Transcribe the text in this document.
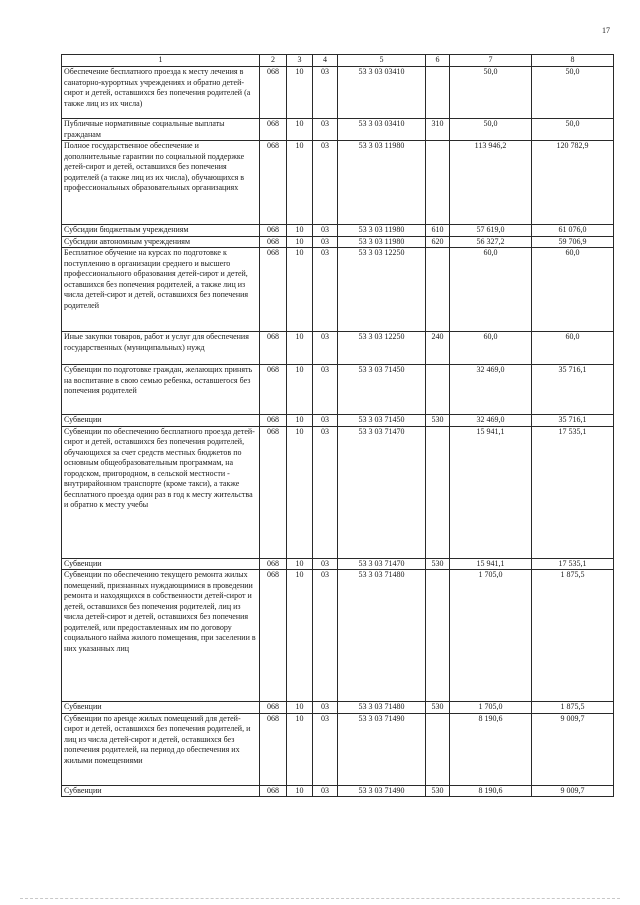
17
1	2	3	4	5	6	7	8
Обеспечение бесплатного проезда к месту лечения в санаторно-курортных учреждениях и обратно детей-сирот и детей, оставшихся без попечения родителей (а также лиц из их числа)	068	10	03	53 3 03 03410		50,0	50,0
Публичные нормативные социальные выплаты гражданам	068	10	03	53 3 03 03410	310	50,0	50,0
Полное государственное обеспечение и дополнительные гарантии по социальной поддержке детей-сирот и детей, оставшихся без попечения родителей (а также лиц из их числа), обучающихся в профессиональных образовательных организациях	068	10	03	53 3 03 11980		113 946,2	120 782,9
Субсидии бюджетным учреждениям	068	10	03	53 3 03 11980	610	57 619,0	61 076,0
Субсидии автономным учреждениям	068	10	03	53 3 03 11980	620	56 327,2	59 706,9
Бесплатное обучение на курсах по подготовке к поступлению в организации среднего и высшего профессионального образования детей-сирот и детей, оставшихся без попечения родителей, а также лиц из числа детей-сирот и детей, оставшихся без попечения родителей	068	10	03	53 3 03 12250		60,0	60,0
Иные закупки товаров, работ и услуг для обеспечения государственных (муниципальных) нужд	068	10	03	53 3 03 12250	240	60,0	60,0
Субвенции по подготовке граждан, желающих принять на воспитание в свою семью ребенка, оставшегося без попечения родителей	068	10	03	53 3 03 71450		32 469,0	35 716,1
Субвенции	068	10	03	53 3 03 71450	530	32 469,0	35 716,1
Субвенции по обеспечению бесплатного проезда детей-сирот и детей, оставшихся без попечения родителей, обучающихся за счет средств местных бюджетов по основным общеобразовательным программам, на городском, пригородном, в сельской местности - внутрирайонном транспорте (кроме такси), а также бесплатного проезда один раз в год к месту жительства и обратно к месту учебы	068	10	03	53 3 03 71470		15 941,1	17 535,1
Субвенции	068	10	03	53 3 03 71470	530	15 941,1	17 535,1
Субвенции по обеспечению текущего ремонта жилых помещений, признанных нуждающимися в проведении ремонта и находящихся в собственности детей-сирот и детей, оставшихся без попечения родителей, лиц из числа детей-сирот и детей, оставшихся без попечения родителей, или предоставленных им по договору социального найма жилого помещения, при заселении в них указанных лиц	068	10	03	53 3 03 71480		1 705,0	1 875,5
Субвенции	068	10	03	53 3 03 71480	530	1 705,0	1 875,5
Субвенции по аренде жилых помещений для детей-сирот и детей, оставшихся без попечения родителей, и лиц из числа детей-сирот и детей, оставшихся без попечения родителей, на период до обеспечения их жилыми помещениями	068	10	03	53 3 03 71490		8 190,6	9 009,7
Субвенции	068	10	03	53 3 03 71490	530	8 190,6	9 009,7
